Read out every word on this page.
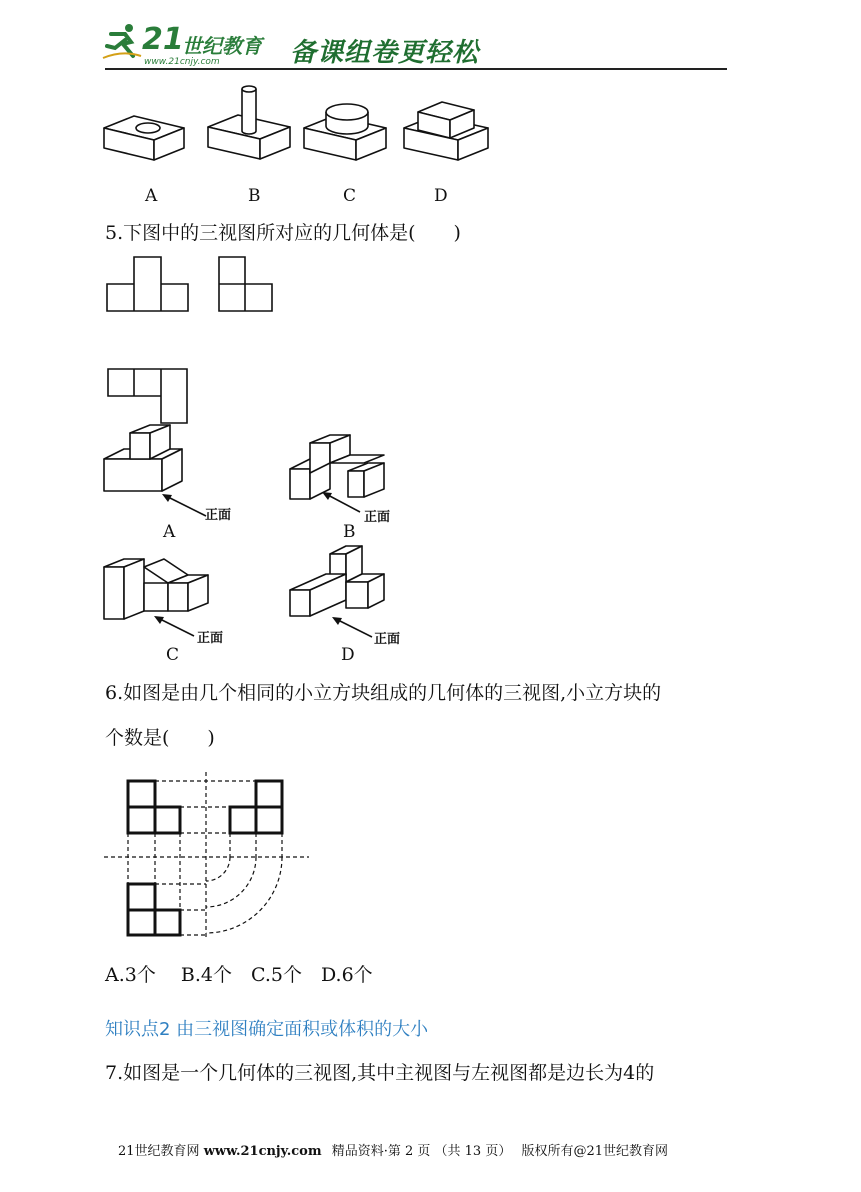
21
世纪教育
www.21cnjy.com	备课组卷更轻松
A	B	C	D
5.下图中的三视图所对应的几何体是(　　)
正面
A
正面
B
正面
C
正面
D
6.如图是由几个相同的小立方块组成的几何体的三视图,小立方块的
个数是(　　)
A.3个　 B.4个　C.5个　D.6个
知识点2 由三视图确定面积或体积的大小
7.如图是一个几何体的三视图,其中主视图与左视图都是边长为4的
21世纪教育网 www.21cnjy.com 精品资料·第 2 页 （共 13 页） 版权所有@21世纪教育网
